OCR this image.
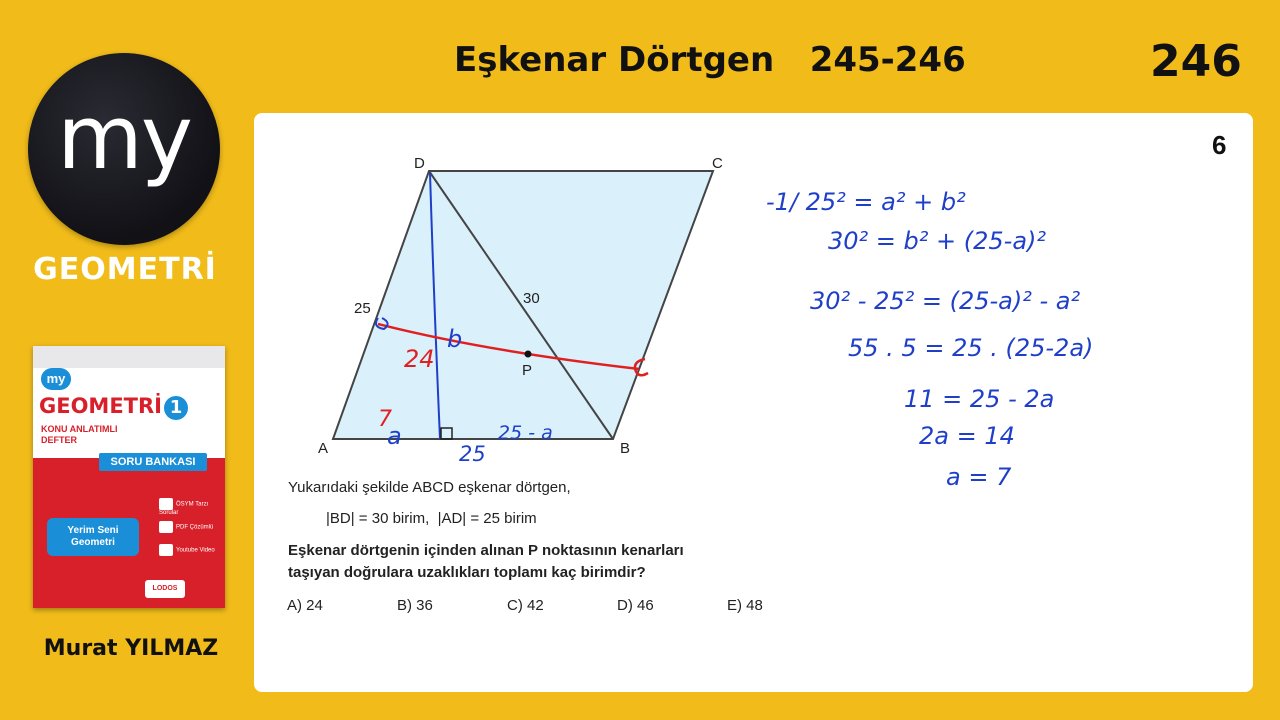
my
GEOMETRİ
my
GEOMETRİ 1
KONU ANLATIMLI
DEFTER
SORU BANKASI
Yerim Seni
Geometri
ÖSYM Tarzı Sorular
PDF Çözümlü
Youtube Video
LODOS
Murat YILMAZ
Eşkenar Dörtgen   245-246	246
6
D	C
A	B
P
25
30
24
7
b
a	25 - a
25
-1/ 25² = a² + b²
30² = b² + (25-a)²
30² - 25² = (25-a)² - a²
55 . 5 = 25 . (25-2a)
11 = 25 - 2a
2a = 14
a = 7
Yukarıdaki şekilde ABCD eşkenar dörtgen,
|BD| = 30 birim,  |AD| = 25 birim
Eşkenar dörtgenin içinden alınan P noktasının kenarları
taşıyan doğrulara uzaklıkları toplamı kaç birimdir?
A) 24	B) 36	C) 42	D) 46	E) 48
